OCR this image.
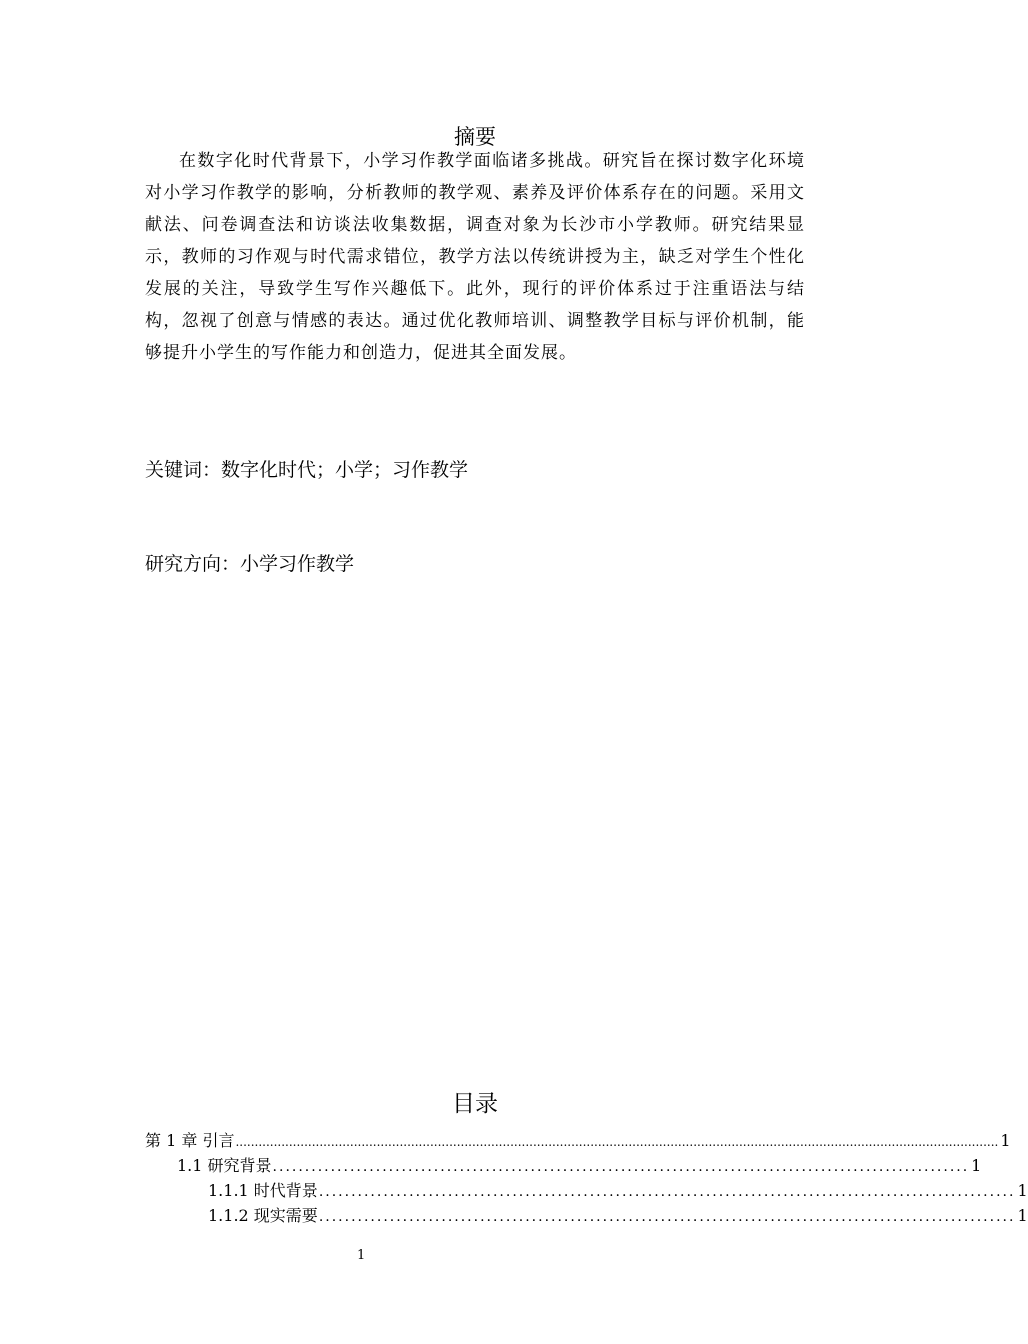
摘要

在数字化时代背景下，小学习作教学面临诸多挑战。研究旨在探讨数字化环境对小学习作教学的影响，分析教师的教学观、素养及评价体系存在的问题。采用文献法、问卷调查法和访谈法收集数据，调查对象为长沙市小学教师。研究结果显示，教师的习作观与时代需求错位，教学方法以传统讲授为主，缺乏对学生个性化发展的关注，导致学生写作兴趣低下。此外，现行的评价体系过于注重语法与结构，忽视了创意与情感的表达。通过优化教师培训、调整教学目标与评价机制，能够提升小学生的写作能力和创造力，促进其全面发展。

关键词：数字化时代；小学；习作教学

研究方向：小学习作教学

目录
第 1 章 引言 ........................................................................................................................................................................................................ 1
1.1 研究背景 ............................................................................................................ 1
1.1.1 时代背景 ............................................................................................................ 1
1.1.2 现实需要 ............................................................................................................ 1

1
